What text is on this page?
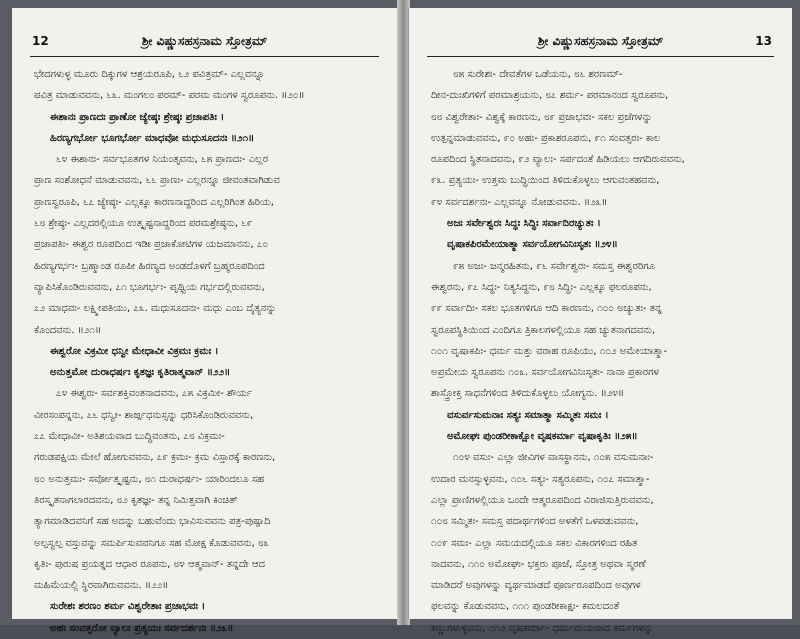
12	ಶ್ರೀ ವಿಷ್ಣುಸಹಸ್ರನಾಮ ಸ್ತೋತ್ರಮ್
ಭೇದಗಳುಳ್ಳ ಮೂರು ದಿಕ್ಕುಗಳ ಆಶ್ರಯರೂಪಿ, ೬೨ ಪವಿತ್ರಮ್- ಎಲ್ಲವನ್ನೂ
ಪವಿತ್ರ ಮಾಡುವವನು, ೬೩. ಮಂಗಲಂ ಪರಮ್- ಪರಮ ಮಂಗಳ ಸ್ವರೂಪನು. ॥೨೦॥
ಈಶಾನಃ ಪ್ರಾಣದಃ ಪ್ರಾಣೋ ಜ್ಯೇಷ್ಠಃ ಶ್ರೇಷ್ಠಃ ಪ್ರಜಾಪತಿಃ ।
ಹಿರಣ್ಯಗರ್ಭೋ ಭೂಗರ್ಭೋ ಮಾಧವೋ ಮಧುಸೂದನಃ ॥೨೧॥
೬೪ ಈಶಾನಃ- ಸರ್ವಭೂತಗಳ ನಿಯಂತೃವನು, ೬೫ ಪ್ರಾಣದಃ- ಎಲ್ಲರ
ಪ್ರಾಣ ಸಂಶೋಧನೆ ಮಾಡುವವನು, ೬೬ ಪ್ರಾಣಃ- ಎಲ್ಲರನ್ನೂ ಜೀವಂತವಾಗಿಡುವ
ಪ್ರಾಣಸ್ವರೂಪಿ, ೬೭ ಜ್ಯೇಷ್ಠಃ- ಎಲ್ಲಕ್ಕೂ ಕಾರಣನಾದ್ದರಿಂದ ಎಲ್ಲರಿಗಿಂತ ಹಿರಿಯ,
೬೮ ಶ್ರೇಷ್ಠಃ- ಎಲ್ಲದರಲ್ಲಿಯೂ ಉತ್ಕೃಷ್ಟನಾದ್ದರಿಂದ ಪರಮಶ್ರೇಷ್ಠನು, ೬೯
ಪ್ರಜಾಪತಿಃ- ಈಶ್ವರ ರೂಪದಿಂದ ಇಡೀ ಪ್ರಜಾಕೋಟಿಗಳ ಯಜಮಾನನು, ೭೦
ಹಿರಣ್ಯಗರ್ಭಃ- ಬ್ರಹ್ಮಾಂಡ ರೂಪೀ ಹಿರಣ್ಯದ ಅಂಡದೊಳಗೆ ಬ್ರಹ್ಮರೂಪದಿಂದ
ವ್ಯಾಪಿಸಿಕೊಂಡಿರುವವನು, ೭೧ ಭೂಗರ್ಭಃ- ಪೃಥ್ವಿಯ ಗರ್ಭದಲ್ಲಿರುವವನು,
೭೨ ಮಾಧವಃ- ಲಕ್ಷ್ಮೀಪತಿಯು, ೭೩. ಮಧುಸೂದನಃ- ಮಧು ಎಂಬ ದೈತ್ಯನನ್ನು
ಕೊಂದವನು. ॥೨೧॥
ಈಶ್ವರೋ ವಿಕ್ರಮೀ ಧನ್ವೀ ಮೇಧಾವೀ ವಿಕ್ರಮಃ ಕ್ರಮಃ ।
ಅನುತ್ತಮೋ ದುರಾಧರ್ಷಃ ಕೃತಜ್ಞಃ ಕೃತಿರಾತ್ಮವಾನ್ ॥೨೨॥
೭೪ ಈಶ್ವರಃ- ಸರ್ವಶಕ್ತಿವಂತನಾದವನು, ೭೫ ವಿಕ್ರಮೀ- ಶೌರ್ಯ
ವೀರಸಂಪನ್ನನು, ೭೬ ಧನ್ವೀ- ಶಾರ್ಙ್ಗಧನುಸ್ಸನ್ನು ಧರಿಸಿಕೊಂಡಿರುವವನು,
೭೭ ಮೇಧಾವೀ- ಅತಿಶಯವಾದ ಬುದ್ಧಿವಂತನು, ೭೮ ವಿಕ್ರಮಃ-
ಗರುಡಪಕ್ಷಿಯ ಮೇಲೆ ಹೋಗುವವನು, ೭೯ ಕ್ರಮಃ- ಕ್ರಮ ವಿಸ್ತಾರಕ್ಕೆ ಕಾರಣನು,
೮೦ ಅನುತ್ತಮಃ- ಸರ್ವೋತ್ಕೃಷ್ಟನು, ೮೧ ದುರಾಧರ್ಷಃ- ಯಾರಿಂದಲೂ ಸಹ
ತಿರಸ್ಕೃತನಾಗಲಾರದವನು, ೮೨ ಕೃತಜ್ಞಃ- ತನ್ನ ನಿಮಿತ್ತವಾಗಿ ಕಿಂಚಿತ್
ತ್ಯಾಗಮಾಡಿದವನಿಗೆ ಸಹ ಅದನ್ನು ಬಹುವೆಂದು ಭಾವಿಸುವವನು ಪತ್ರ-ಪುಷ್ಪಾದಿ
ಅಲ್ಪಸ್ವಲ್ಪ ವಸ್ತುವನ್ನು ಸಮರ್ಪಿಸುವವನಿಗೂ ಸಹ ಮೋಕ್ಷ ಕೊಡುವವನು, ೮೩
ಕೃತಿಃ- ಪುರುಷ ಪ್ರಯತ್ನದ ಆಧಾರ ರೂಪನು, ೮೪ ಆತ್ಮವಾನ್- ತನ್ನದೇ ಆದ
ಮಹಿಮೆಯಲ್ಲಿ ಸ್ಥಿರವಾಗಿರುವವನು. ॥೨೨॥
ಸುರೇಶಃ ಶರಣಂ ಶರ್ಮ ವಿಶ್ವರೇತಾಃ ಪ್ರಜಾಭವಃ ।
ಅಹಃ ಸಂವತ್ಸರೋ ವ್ಯಾಲಃ ಪ್ರತ್ಯಯಃ ಸರ್ವದರ್ಶನಃ ॥೨೩॥
ಶ್ರೀ ವಿಷ್ಣುಸಹಸ್ರನಾಮ ಸ್ತೋತ್ರಮ್	13
೮೫ ಸುರೇಶಃ- ದೇವತೆಗಳ ಒಡೆಯನು, ೮೬ ಶರಣಮ್-
ದೀನ-ದುಃಖಿಗಳಿಗೆ ಪರಮಾಶ್ರಯನು, ೮೭ ಶರ್ಮ- ಪರಮಾನಂದ ಸ್ವರೂಪನು,
೮೮ ವಿಶ್ವರೇತಾಃ- ವಿಶ್ವಕ್ಕೆ ಕಾರಣನು, ೮೯ ಪ್ರಜಾಭವಃ- ಸಕಲ ಪ್ರಜೆಗಳನ್ನು
ಉತ್ಪನ್ನಮಾಡುವವನು, ೯೦ ಅಹಃ- ಪ್ರಕಾಶರೂಪನು, ೯೧ ಸಂವತ್ಸರಃ- ಕಾಲ
ರೂಪದಿಂದ ಸ್ಥಿತನಾದವನು, ೯೨ ವ್ಯಾಲಃ- ಸರ್ಪದಂತೆ ಹಿಡಿಯಲು ಆಗದಿರುವವನು,
೯೩. ಪ್ರತ್ಯಯಃ- ಉತ್ತಮ ಬುದ್ಧಿಯಿಂದ ತಿಳಿದುಕೊಳ್ಳಲು ಆಗುವಂತಹವನು,
೯೪ ಸರ್ವದರ್ಶನಃ- ಎಲ್ಲವನ್ನೂ ನೋಡುವವನು. ॥೨೩॥
ಅಜಃ ಸರ್ವೇಶ್ವರಃ ಸಿದ್ಧಃ ಸಿದ್ಧಿಃ ಸರ್ವಾದಿರಚ್ಯುತಃ ।
ವೃಷಾಕಪಿರಮೇಯಾತ್ಮಾ ಸರ್ವಯೋಗವಿನಿಃಸೃತಃ ॥೨೪॥
೯೫ ಅಜಃ- ಜನ್ಮರಹಿತನು, ೯೬ ಸರ್ವೇಶ್ವರಃ- ಸಮಸ್ತ ಈಶ್ವರರಿಗೂ
ಈಶ್ವರನು, ೯೭ ಸಿದ್ಧಃ- ನಿತ್ಯಸಿದ್ಧನು, ೯೮ ಸಿದ್ಧಿಃ- ಎಲ್ಲಕ್ಕೂ ಫಲರೂಪನು,
೯೯ ಸರ್ವಾದಿಃ- ಸಕಲ ಭೂತಗಳಿಗೂ ಆದಿ ಕಾರಣನು, ೧೦೦ ಅಚ್ಯುತಃ- ತನ್ನ
ಸ್ವರೂಪಸ್ಥಿತಿಯಿಂದ ಎಂದಿಗೂ ತ್ರಿಕಾಲಗಳಲ್ಲಿಯೂ ಸಹ ಚ್ಯುತನಾಗದವನು,
೧೦೧ ವೃಷಾಕಪಿಃ- ಧರ್ಮ ಮತ್ತು ವರಾಹ ರೂಪಿಯು, ೧೦೨ ಅಮೇಯಾತ್ಮಾ-
ಅಪ್ರಮೇಯ ಸ್ವರೂಪನು ೧೦೩. ಸರ್ವಯೋಗವಿನಿಃಸೃತಃ- ನಾನಾ ಪ್ರಕಾರಗಳ
ಶಾಸ್ತ್ರೋಕ್ತ ಸಾಧನೆಗಳಿಂದ ತಿಳಿದುಕೊಳ್ಳಲು ಯೋಗ್ಯನು. ॥೨೪॥
ವಸುರ್ವಸುಮನಾಃ ಸತ್ಯಃ ಸಮಾತ್ಮಾ ಸಮ್ಮಿತಃ ಸಮಃ ।
ಅಮೋಘಃ ಪುಂಡರೀಕಾಕ್ಷೋ ವೃಷಕರ್ಮಾ ವೃಷಾಕೃತಿಃ ॥೨೫॥
೧೦೪ ವಸುಃ- ಎಲ್ಲಾ ಜೀವಿಗಳ ವಾಸಸ್ಥಾನನು, ೧೦೫ ವಸುಮನಾಃ-
ಉದಾರ ಮನಸ್ಸುಳ್ಳವನು, ೧೦೬ ಸತ್ಯಃ- ಸತ್ಯರೂಪನು, ೧೦೭ ಸಮಾತ್ಮಾ-
ಎಲ್ಲಾ ಪ್ರಾಣಿಗಳಲ್ಲಿಯೂ ಒಂದೇ ಆತ್ಮರೂಪದಿಂದ ವಿರಾಜಿಸುತ್ತಿರುವವನು,
೧೦೮ ಸಮ್ಮಿತಃ- ಸಮಸ್ತ ಪದಾರ್ಥಗಳಿಂದ ಅಳತೆಗೆ ಒಳಪಡುವವನು,
೧೦೯ ಸಮಃ- ಎಲ್ಲಾ ಸಮಯದಲ್ಲಿಯೂ ಸಕಲ ವಿಕಾರಗಳಿಂದ ರಹಿತ
ನಾದವನು, ೧೧೦ ಅಮೋಘಃ- ಭಕ್ತರು ಪೂಜೆ, ಸ್ತೋತ್ರ ಅಥವಾ ಸ್ಮರಣೆ
ಮಾಡಿದರೆ ಅವುಗಳನ್ನು ವ್ಯರ್ಥಮಾಡದೆ ಪೂರ್ಣರೂಪದಿಂದ ಅವುಗಳ
ಫಲವನ್ನು ಕೊಡುವವನು, ೧೧೧ ಪುಂಡರೀಕಾಕ್ಷಃ- ಕಮಲದಂತೆ
ಕಣ್ಣುಗಳುಳ್ಳವನು, ೧೧೨ ವೃಷಕರ್ಮಾ- ಧರ್ಮಮಯವಾದ ಕರ್ಮಗಳನ್ನು
